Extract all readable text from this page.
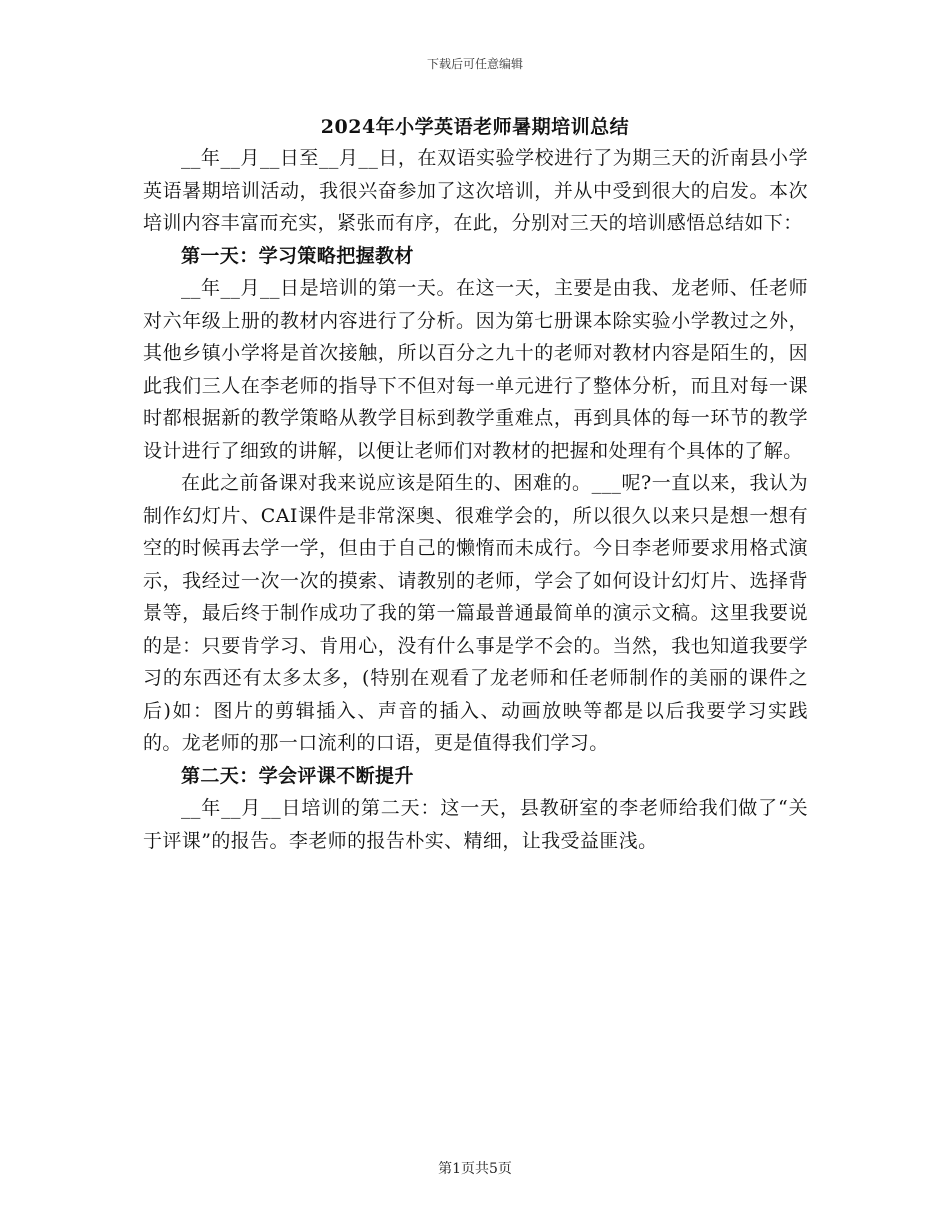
下载后可任意编辑
2024年小学英语老师暑期培训总结

__年__月__日至__月__日，在双语实验学校进行了为期三天的沂南县小学英语暑期培训活动，我很兴奋参加了这次培训，并从中受到很大的启发。本次培训内容丰富而充实，紧张而有序，在此，分别对三天的培训感悟总结如下：

第一天：学习策略把握教材

__年__月__日是培训的第一天。在这一天，主要是由我、龙老师、任老师对六年级上册的教材内容进行了分析。因为第七册课本除实验小学教过之外，其他乡镇小学将是首次接触，所以百分之九十的老师对教材内容是陌生的，因此我们三人在李老师的指导下不但对每一单元进行了整体分析，而且对每一课时都根据新的教学策略从教学目标到教学重难点，再到具体的每一环节的教学设计进行了细致的讲解，以便让老师们对教材的把握和处理有个具体的了解。

在此之前备课对我来说应该是陌生的、困难的。___呢?一直以来，我认为制作幻灯片、CAI课件是非常深奥、很难学会的，所以很久以来只是想一想有空的时候再去学一学，但由于自己的懒惰而未成行。今日李老师要求用格式演示，我经过一次一次的摸索、请教别的老师，学会了如何设计幻灯片、选择背景等，最后终于制作成功了我的第一篇最普通最简单的演示文稿。这里我要说的是：只要肯学习、肯用心，没有什么事是学不会的。当然，我也知道我要学习的东西还有太多太多，(特别在观看了龙老师和任老师制作的美丽的课件之后)如：图片的剪辑插入、声音的插入、动画放映等都是以后我要学习实践的。龙老师的那一口流利的口语，更是值得我们学习。

第二天：学会评课不断提升

__年__月__日培训的第二天：这一天，县教研室的李老师给我们做了“关于评课”的报告。李老师的报告朴实、精细，让我受益匪浅。

第1页共5页
